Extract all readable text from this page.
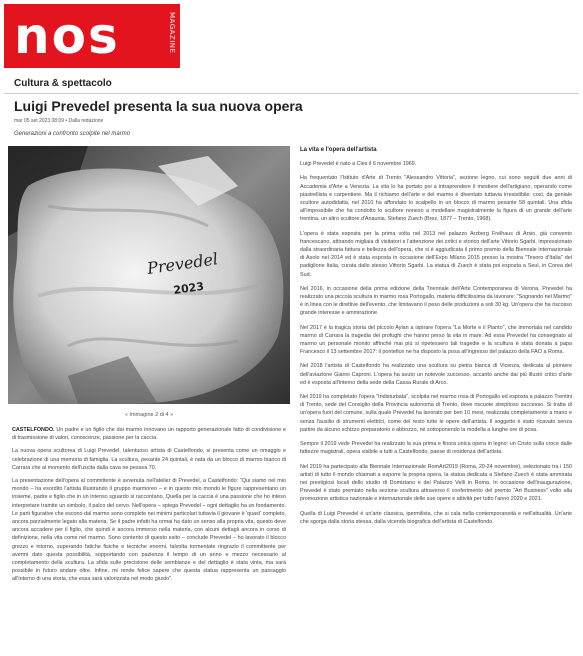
nos	MAGAZINE
Cultura & spettacolo
Luigi Prevedel presenta la sua nuova opera
mar 05 set 2023 08:09 • Dalla redazione
Generazioni a confronto scolpite nel marmo
Prevedel
2023
« Immagine 2 di 4 »

CASTELFONDO. Un padre e un figlio che dai marmo innovano un rapporto generazionale fatto di condivisione e di trasmissione di valori, conoscenze, passione per la caccia.

La nuova opera scultorea di Luigi Prevedel, talentuoso artista di Castelfondo, si presenta come un omaggio e celebrazione di una memoria di famiglia. La scultura, pesante 24 quintali, è nata da un blocco di marmo bianco di Carrara che al momento dell'uscita dalla cava ne pesava 70.

La presentazione dell'opera al committente è avvenuta nell'atelier di Prevedel, a Castelfondo: "Qui siamo nel mio mondo – ha esordito l'artista illustrando il gruppo marmoreo – e in questo mio mondo le figure rappresentano un insieme, padre e figlio che in un intenso sguardo si raccontano. Quella per la caccia è una passione che ho inteso interpretare tramite un simbolo, il palco del cervo. Nell'opera – spiega Prevedel – ogni dettaglio ha un fondamento. Le parti figurative che escono dal marmo sono complete nei minimi particolari tuttavia il giovane è 'quasi' completo, ancora parzialmente legato alla materia. Se il padre infatti ha ormai ha dato un senso alla propria vita, questo deve ancora accadere per il figlio, che quindi è ancora immerso nella materia, con alcuni dettagli ancora in corso di definizione, nella vita come nel marmo. Sono contento di questo esito – conclude Prevedel – ho lavorato il blocco grezzo e intorno, superando fatiche fisiche e tecniche enormi, talvolta tormentate ringrazio il committente per avermi dato questa possibilità, sopportando con pazienza il tempo di un anno e mezzo necessario al completamento della scultura. La sfida sulle precisione delle sembianze e del dettaglio è stata vinta, ma sarà possibile in futuro andare oltre. Infine, mi rende felice sapere che questa statua rappresenta un passaggio all'interno di una storia, che essa sarà valorizzata nel modo giusto".

La vita e l'opera dell'artista

Luigi Prevedel è nato a Cles il 6 novembre 1969.

Ha frequentato l'Istituto d'Arte di Trento "Alessandro Vittoria", sezione legno, cui sono seguiti due anni di Accademia d'Arte a Venezia. La vita lo ha portato poi a intraprendere il mestiere dell'artigiano, operando come piastrellista e carpentiere. Ma il richiamo dell'arte e del marmo è diventato tuttavia irresistibile: così, da geniale scultore autodidatta, nel 2010 ha affondato lo scalpello in un blocco di marmo pesante 58 quintali. Una sfida all'impossibile che ha condotto lo scultore noneso a modellare magistralmente la figura di un grande dell'arte trentina, un altro scultore d'Anaunia, Stefano Zuech (Brez, 1877 – Trento, 1968).

L'opera è stata esposta per la prima volta nel 2013 nel palazzo Arzberg Frelhaus di Arsio, già convento francescano, attirando migliaia di visitatori e l'attenzione dei critici e storico dell'arte Vittorio Sgarbi, impressionato dalla straordinaria fattura e bellezza dell'opera, che si è aggiudicata il primo premio della Biennale internazionale di Asolo nel 2014 ed è stata esposta in occasione dell'Expo Milano 2015 presso la mostra "Tesoro d'Italia" del padiglione Italia, curata dallo stesso Vittorio Sgarbi. La statua di Zuech è stata poi esposta a Seul, in Corea del Sud.

Nel 2016, in occasione della prima edizione della Triennale dell'Arte Contemporanea di Verona, Prevedel ha realizzato una piccola scultura in marmo rosa Portogallo, materia difficilissima da lavorare: "Sognando nel Marmo" è in linea con le direttive dell'evento, che limitavano il peso delle produzioni a soli 30 kg. Un'opera che ha riscosso grande interesse e ammirazione.

Nel 2017 è la tragica storia del piccolo Aylan a ispirare l'opera "La Morte e il Pianto", che immortala nel candido marmo di Carrara la tragedia dei profughi che hanno perso la vita in mare. Ad essa Prevedel ha consegnato al marmo un personale monito affinché mai più si ripetessero tali tragedie e la scultura è stata donata a papa Francesco il 13 settembre 2017: il pontefice ne ha disposto la posa all'ingresso del palazzo della FAO a Roma.

Nel 2018 l'artista di Castelfondo ha realizzato una scultura su pietra bianca di Vicenza, dedicata al pioniere dell'aviazione Gianni Caproni. L'opera ha avuto un notevole successo, accanto anche dai più illustri critici d'arte ed è esposta all'interno della sede della Cassa Rurale di Arco.

Nel 2019 ha completato l'opera "Indisturbata", scolpita nel marmo rosa di Portogallo ed esposta a palazzo Trentini di Trento, sede del Consiglio della Provincia autonoma di Trento, dove riscuote strepitoso successo. Si tratta di un'opera fuori del comune, sulla quale Prevedel ha lavorato per ben 10 mesi, realizzata completamente a mano e senza l'ausilio di strumenti elettrici, come del resto tutte le opere dell'artista. Il soggetto è stato ricavato senza partire da alcuno schizzo preparatorio o abbozzo, né sottoponendo la modella a lunghe ore di posa.

Sempre il 2019 vede Prevedel ha realizzato la sua prima e finora unica opera in legno: un Cristo sulla croce dalle fattezze magistrali, opera visibile a tutti a Castelfondo, paese di residenza dell'artista.

Nel 2019 ha partecipato alla Biennale Internazionale RomArt2019 (Roma, 20-24 novembre), selezionato tra i 150 artisti di tutto il mondo chiamati a esporre la propria opera, la statua dedicata a Stefano Zuech è stata ammirata nei prestigiosi locali dello studio di Domiziano e del Palazzo Velli in Roma. In occasione dell'inaugurazione, Prevedel è stato premiato nella sezione scultura attraverso il conferimento del premio "Art Business" volto alla promozione artistica nazionale e internazionale delle sue opere e attività per tutto l'anno 2020 e 2021.

Quella di Luigi Prevedel è un'arte classica, ipermilista, che si cala nella contemporaneità e nell'attualità. Un'arte che sgorga dalla storia stessa, dalla vicenda biografica dell'artista di Castelfondo.
